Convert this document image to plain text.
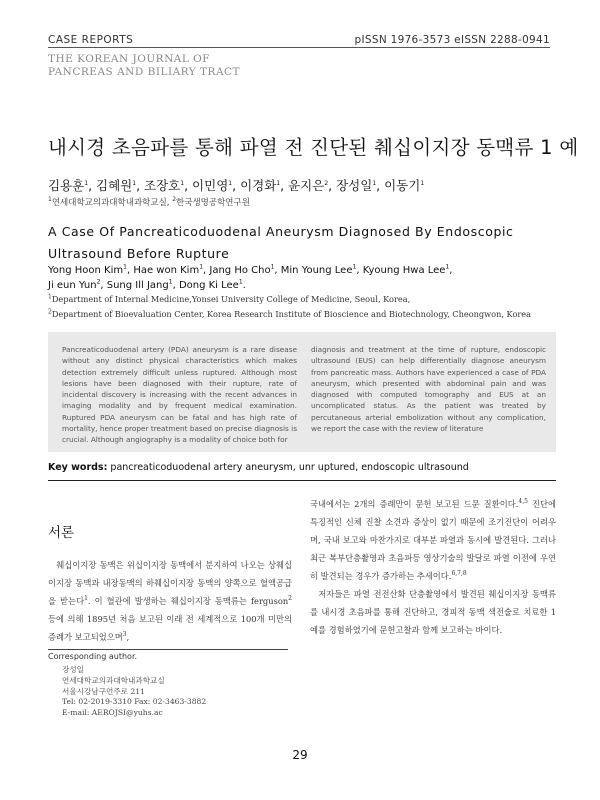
CASE REPORTS	pISSN 1976-3573 eISSN 2288-0941
THE KOREAN JOURNAL OF
PANCREAS AND BILIARY TRACT
내시경 초음파를 통해 파열 전 진단된 췌십이지장 동맥류 1 예
김용훈$^1$, 김혜원$^1$, 조장호$^1$, 이민영$^1$, 이경화$^1$, 윤지은$^2$, 장성일$^1$, 이동기$^1$
$^1$연세대학교의과대학내과학교실, $^2$한국생명공학연구원
A Case Of Pancreaticoduodenal Aneurysm Diagnosed By Endoscopic Ultrasound Before Rupture
Yong Hoon Kim$^1$, Hae won Kim$^1$, Jang Ho Cho$^1$, Min Young Lee$^1$, Kyoung Hwa Lee$^1$,
Ji eun Yun$^2$, Sung Ill Jang$^1$, Dong Ki Lee$^1$.
$^1$Department of Internal Medicine,Yonsei University College of Medicine, Seoul, Korea,
$^2$Department of Bioevaluation Center, Korea Research Institute of Bioscience and Biotechnology, Cheongwon, Korea
Pancreaticoduodenal artery (PDA) aneurysm is a rare disease without any distinct physical characteristics which makes detection extremely difficult unless ruptured. Although most lesions have been diagnosed with their rupture, rate of incidental discovery is increasing with the recent advances in imaging modality and by frequent medical examination. Ruptured PDA aneurysm can be fatal and has high rate of mortality, hence proper treatment based on precise diagnosis is crucial. Although angiography is a modality of choice both for
diagnosis and treatment at the time of rupture, endoscopic ultrasound (EUS) can help differentially diagnose aneurysm from pancreatic mass. Authors have experienced a case of PDA aneurysm, which presented with abdominal pain and was diagnosed with computed tomography and EUS at an uncomplicated status. As the patient was treated by percutaneous arterial embolization without any complication, we report the case with the review of literature
Key words: pancreaticoduodenal artery aneurysm, unr uptured, endoscopic ultrasound
서론

췌십이지장 동맥은 위십이지장 동맥에서 분지하여 나오는 상췌십이지장 동맥과 내장동맥의 하췌십이지장 동맥의 양쪽으로 혈액공급을 받는다$^1$. 이 혈관에 발생하는 췌십이지장 동맥류는 ferguson$^2$ 등에 의해 1895년 처음 보고된 이래 전 세계적으로 100개 미만의 증례가 보고되었으며$^3$,

국내에서는 2개의 증례만이 문헌 보고된 드문 질환이다.$^{4,5}$ 진단에 특징적인 신체 진찰 소견과 증상이 없기 때문에 조기진단이 어려우며, 국내 보고와 마찬가지로 대부분 파열과 동시에 발견된다. 그러나 최근 복부단층촬영과 초음파등 영상기술의 발달로 파열 이전에 우연히 발견되는 경우가 증가하는 추세이다.$^{6,7,8}$

저자들은 파열 전전산화 단층촬영에서 발견된 췌십이지장 동맥류를 내시경 초음파를 통해 진단하고, 경피적 동맥 색전술로 치료한 1예를 경험하였기에 문헌고찰과 함께 보고하는 바이다.

Corresponding author.
장성일
연세대학교의과대학내과학교실
서울시강남구언주로 211
Tel: 02-2019-3310 Fax: 02-3463-3882
E-mail: AEROJSI@yuhs.ac
29
